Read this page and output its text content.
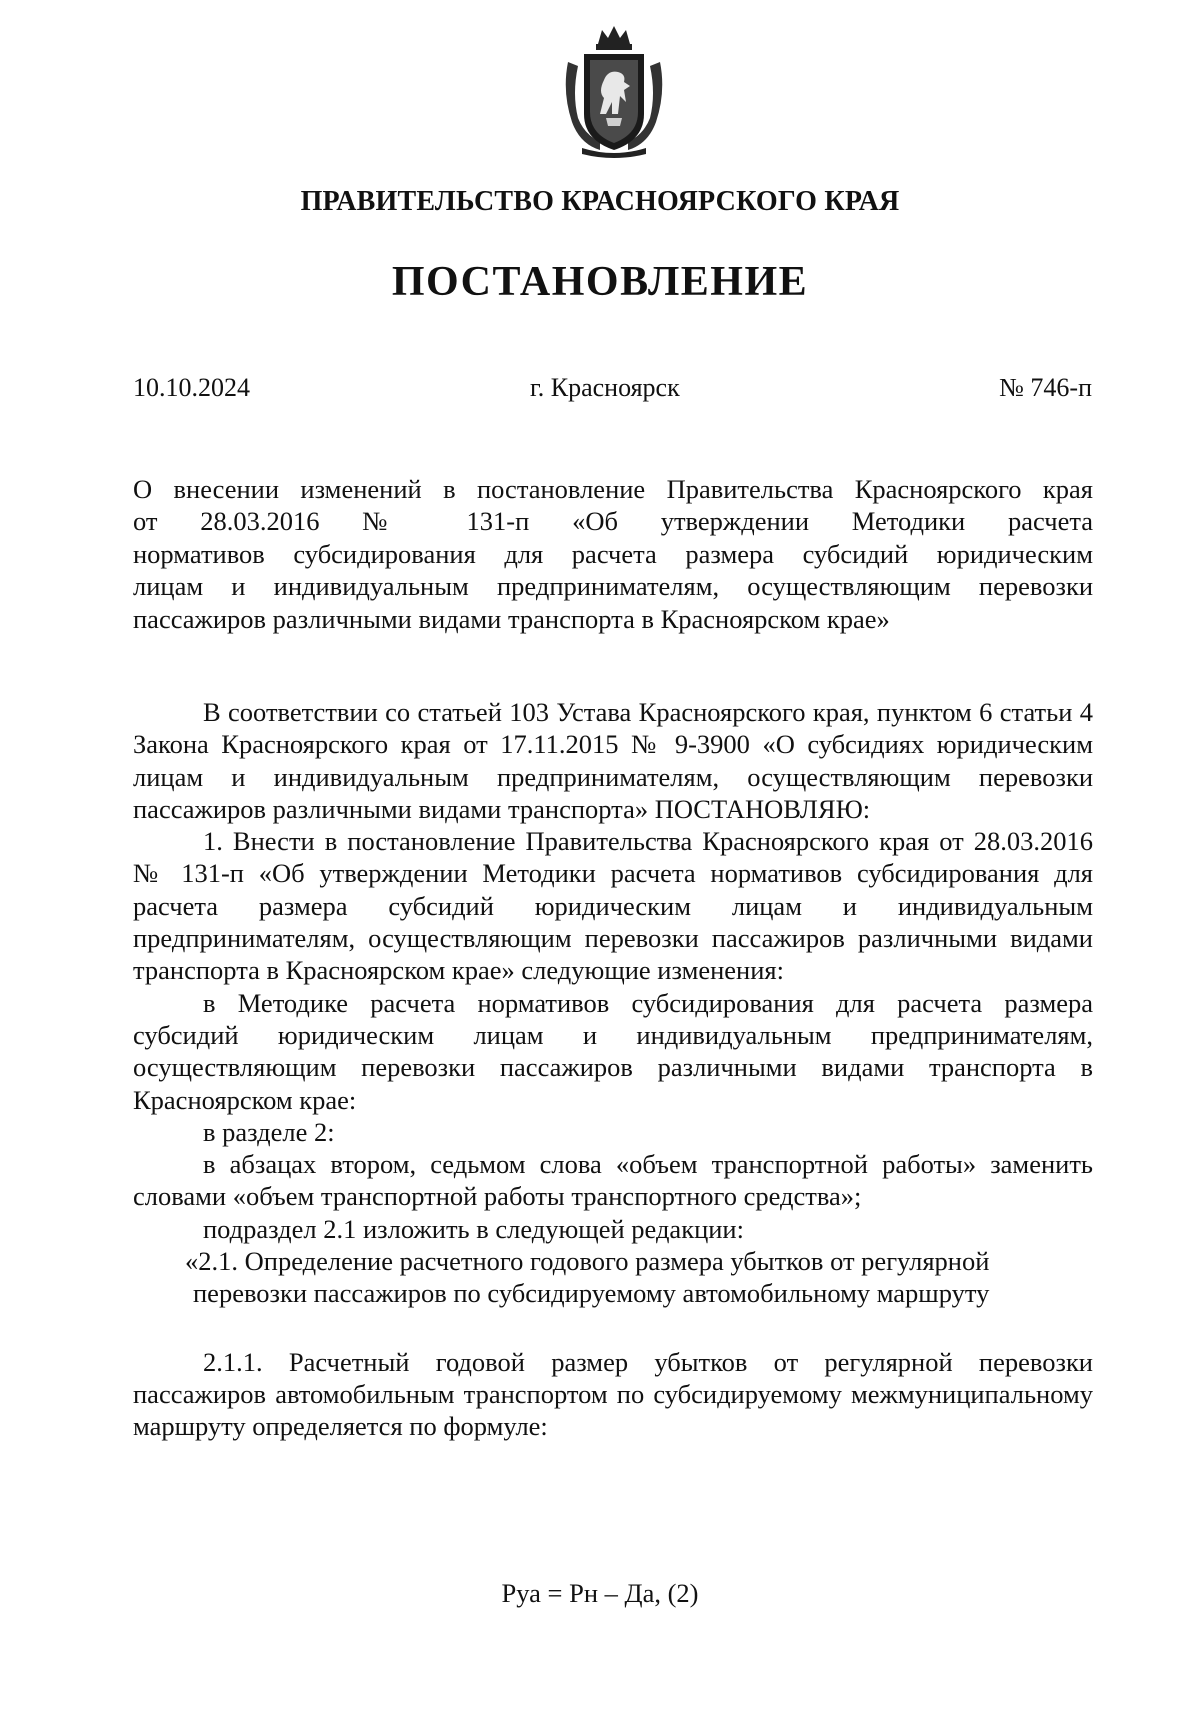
ПРАВИТЕЛЬСТВО КРАСНОЯРСКОГО КРАЯ
ПОСТАНОВЛЕНИЕ
10.10.2024	г. Красноярск	№ 746-п
О внесении изменений в постановление Правительства Красноярского края
от 28.03.2016 № 131-п «Об утверждении Методики расчета
нормативов субсидирования для расчета размера субсидий юридическим
лицам и индивидуальным предпринимателям, осуществляющим перевозки
пассажиров различными видами транспорта в Красноярском крае»

В соответствии со статьей 103 Устава Красноярского края, пунктом 6 статьи 4 Закона Красноярского края от 17.11.2015 № 9-3900 «О субсидиях юридическим лицам и индивидуальным предпринимателям, осуществляющим перевозки пассажиров различными видами транспорта» ПОСТАНОВЛЯЮ:

1. Внести в постановление Правительства Красноярского края от 28.03.2016 № 131-п «Об утверждении Методики расчета нормативов субсидирования для расчета размера субсидий юридическим лицам и индивидуальным предпринимателям, осуществляющим перевозки пассажиров различными видами транспорта в Красноярском крае» следующие изменения:

в Методике расчета нормативов субсидирования для расчета размера субсидий юридическим лицам и индивидуальным предпринимателям, осуществляющим перевозки пассажиров различными видами транспорта в Красноярском крае:

в разделе 2:

в абзацах втором, седьмом слова «объем транспортной работы» заменить словами «объем транспортной работы транспортного средства»;

подраздел 2.1 изложить в следующей редакции:

«2.1. Определение расчетного годового размера убытков от регулярной
перевозки пассажиров по субсидируемому автомобильному маршруту

2.1.1. Расчетный годовой размер убытков от регулярной перевозки пассажиров автомобильным транспортом по субсидируемому межмуниципальному маршруту определяется по формуле:

Руа = Рн – Да, (2)
